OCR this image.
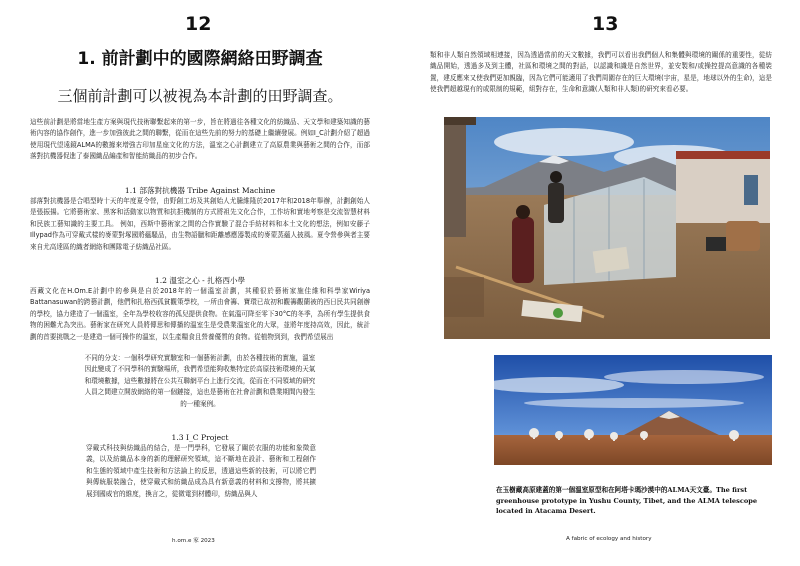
12
1. 前計劃中的國際網絡田野調查
三個前計劃可以被視為本計劃的田野調查。
這些前計劃是將當地生產方案與現代技術聯繫起來的第一步，旨在將過往各種文化的紡織品、天文學和建築知識的藝術內容的協作創作，進一步加強彼此之間的聯繫，從而在這些先前的努力的基礎上繼續發展。例如I_C計劃介紹了超過使用現代望遠鏡ALMA的數據來增強古印加星座文化的方法，溫室之心計劃建立了高原農業與藝術之間的合作，而部落對抗機器促進了泰國織品編產和智能紡織品的初步合作。
1.1 部落對抗機器 Tribe Against Machine
部落對抗機器是合唱型時十天的年度夏令營，由野創工坊及其創始人尤騰維隆於2017年和2018年舉辦，計劃創始人是張振揚。它將藝術家、黑客和活動家以物質和抗拒機制的方式將祖先文化合作，工作坊和實地考察是交流智慧材料和民族工藝知識的主要工具。 例如，西斯中藝術家之間的合作實驗了混合手紡材料和本土文化的想法，例如安藤子Illypad作為可穿戴式樣的麥蒙對塚國將蘊騷品，由生物語臘和距離感應器製成的麥蒙蒸蘊人披風。夏令營參與者主要來自尤高達區的織者網絡和團隊電子紡織品社區。
1.2 溫室之心 - 扎格西小學
西藏文化在H.Om.E計劃中的參與是自於2018年的一個溫室計劃，其種很於藝術家施佳維和科學家Wiriya Battanasuwan的跨藝計劃，他們和扎格西孤貧觀策學校，一所由會籌、寶環已故初和觀籌觀蘭被的西日民共同創辦的學校，協力建造了一個溫室，全年為學校收容的孤兒提供食物。在氣溫可降至零下30°C的冬季，為所有學生提供食物的困難尤為突出。藝術家在研究人員將傳思和傳播的溫室生是受農業溫室化的大眾，並將年度持高效，因此，統計劃的首要挑戰之一是建造一個可操作的溫室，以生產糧食且營養優質的食物。從植物到到，我們希望展出
不同的分支：一個科學研究實驗室和一個藝術計劃，由於各種技術的實施，溫室因此變成了不同學科的實驗場所，我們希望能夠收集特定於高原技術環境的天氣和環境數據，這些數據將在公共互聯網平台上進行交流，從而在不同領域的研究人員之間建立開放網絡的第一個鏈接，這也是藝術在社會計劃和農業期間內發生的一種案例。
1.3 I_C Project
穿戴式科技與紡織品的結合，是一門學科，它發展了關於衣服的功能和象徵意義，以及紡織品本身的新的理解研究領域，這不斷地在設計、藝術和工程創作和生態的領域中產生技術和方法論上的反思，透過這些新的技術，可以將它們與傳統服裝融合，使穿戴式和紡織品成為具有新意義的材料和支撐物，將其擴展到國威官的維度，換言之，從微電到材體印，紡織品與人
h.om.e 家 2023
13
類和非人類自然領域相連接，因為透過當前的天文數據，我們可以看出我們個人和集體與環境的關係的重要性，從紡織品開始，透過多及到主體，社區和環境之間的對話，以認識和識是自然世界，並安製和/或操控提高意識的各種裝置，建反應來又使我們更加親臨，因為它們可能適用了我們周圍存在的巨大環境(宇宙，星是，地球以外的生命)，這是使我們超越現有的或限制的規範，組對存在，生命和意識(人類和非人類)的研究來看必要。
在玉樹藏高原建蓋的第一個溫室原型和在阿塔卡瑪沙漠中的ALMA天文臺。The first greenhouse prototype in Yushu County, Tibet, and the ALMA telescope located in Atacama Desert.
A fabric of ecology and history
